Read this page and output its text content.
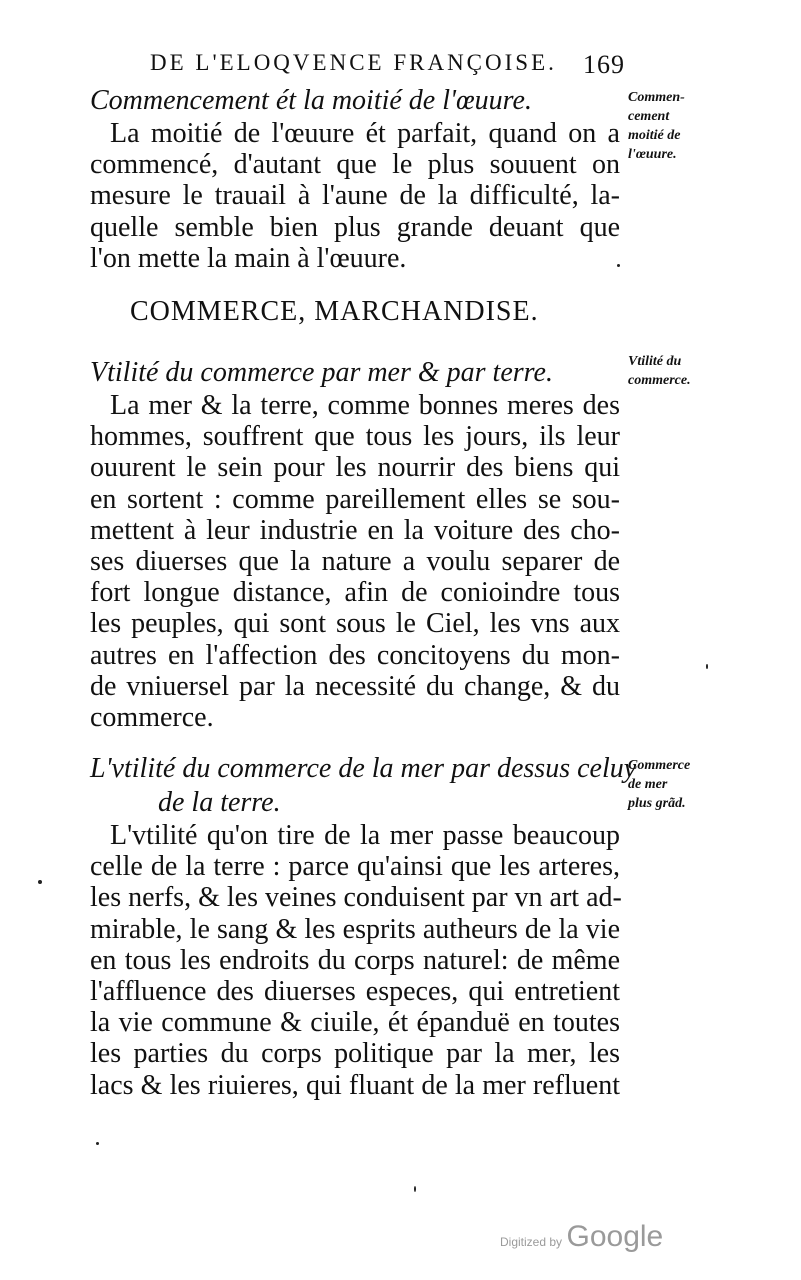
DE L'ELOQVENCE FRANÇOISE. 169
Commencement ét la moitié de l'œuure.
La moitié de l'œuure ét parfait, quand on a
commencé, d'autant que le plus souuent on
mesure le trauail à l'aune de la difficulté, la-
quelle semble bien plus grande deuant que
l'on mette la main à l'œuure.
Commen-
cement
moitié de
l'œuure.
COMMERCE, MARCHANDISE.
Vtilité du commerce par mer & par terre.
La mer & la terre, comme bonnes meres des
hommes, souffrent que tous les jours, ils leur
ouurent le sein pour les nourrir des biens qui
en sortent : comme pareillement elles se sou-
mettent à leur industrie en la voiture des cho-
ses diuerses que la nature a voulu separer de
fort longue distance, afin de conioindre tous
les peuples, qui sont sous le Ciel, les vns aux
autres en l'affection des concitoyens du mon-
de vniuersel par la necessité du change, & du
commerce.
Vtilité du
commerce.
L'vtilité du commerce de la mer par dessus celuy
de la terre.
L'vtilité qu'on tire de la mer passe beaucoup
celle de la terre : parce qu'ainsi que les arteres,
les nerfs, & les veines conduisent par vn art ad-
mirable, le sang & les esprits autheurs de la vie
en tous les endroits du corps naturel: de même
l'affluence des diuerses especes, qui entretient
la vie commune & ciuile, ét épanduë en toutes
les parties du corps politique par la mer, les
lacs & les riuieres, qui fluant de la mer refluent
Commerce
de mer
plus grãd.
Digitized by Google
